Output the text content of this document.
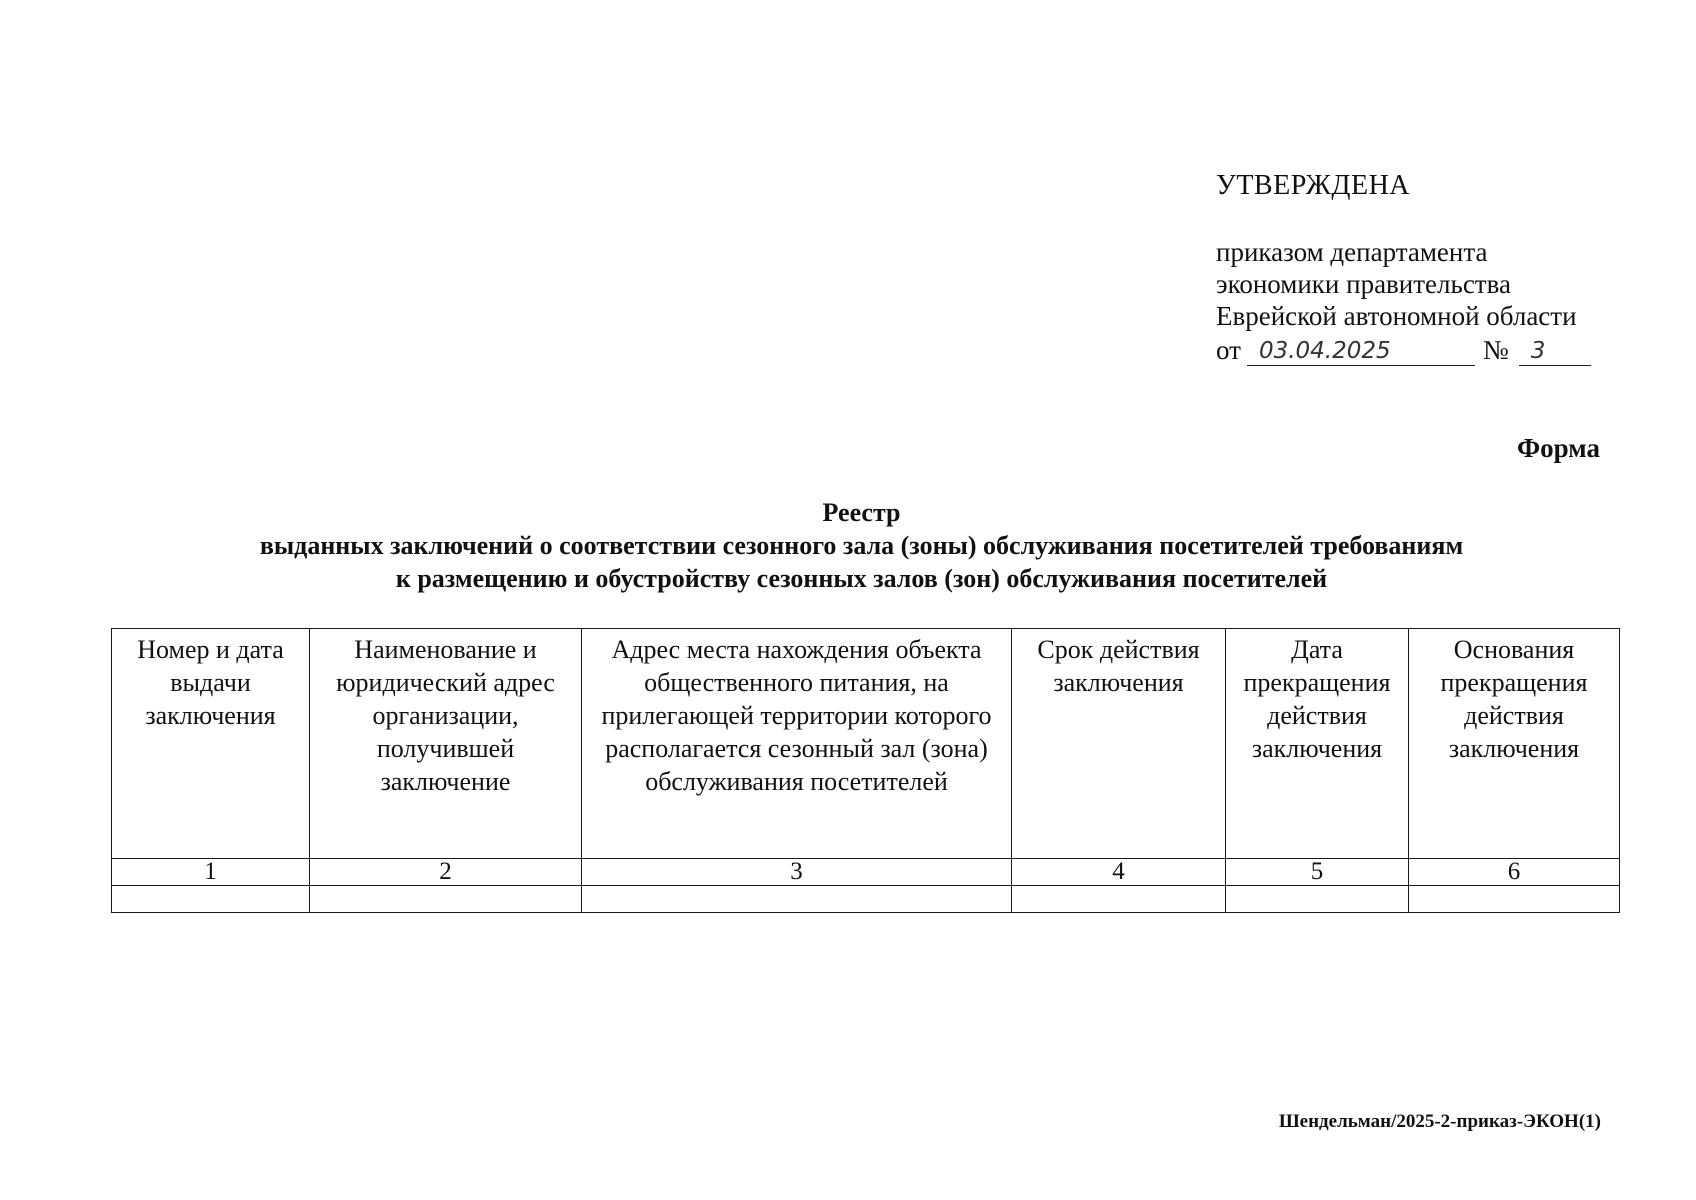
УТВЕРЖДЕНА
приказом департамента
экономики правительства
Еврейской автономной области
от 03.04.2025	№ 3
Форма
Реестр
выданных заключений о соответствии сезонного зала (зоны) обслуживания посетителей требованиям
к размещению и обустройству сезонных залов (зон) обслуживания посетителей
Номер и дата выдачи заключения	Наименование и юридический адрес организации, получившей заключение	Адрес места нахождения объекта общественного питания, на прилегающей территории которого располагается сезонный зал (зона) обслуживания посетителей	Срок действия заключения	Дата прекращения действия заключения	Основания прекращения действия заключения
1	2	3	4	5	6

Шендельман/2025-2-приказ-ЭКОН(1)
